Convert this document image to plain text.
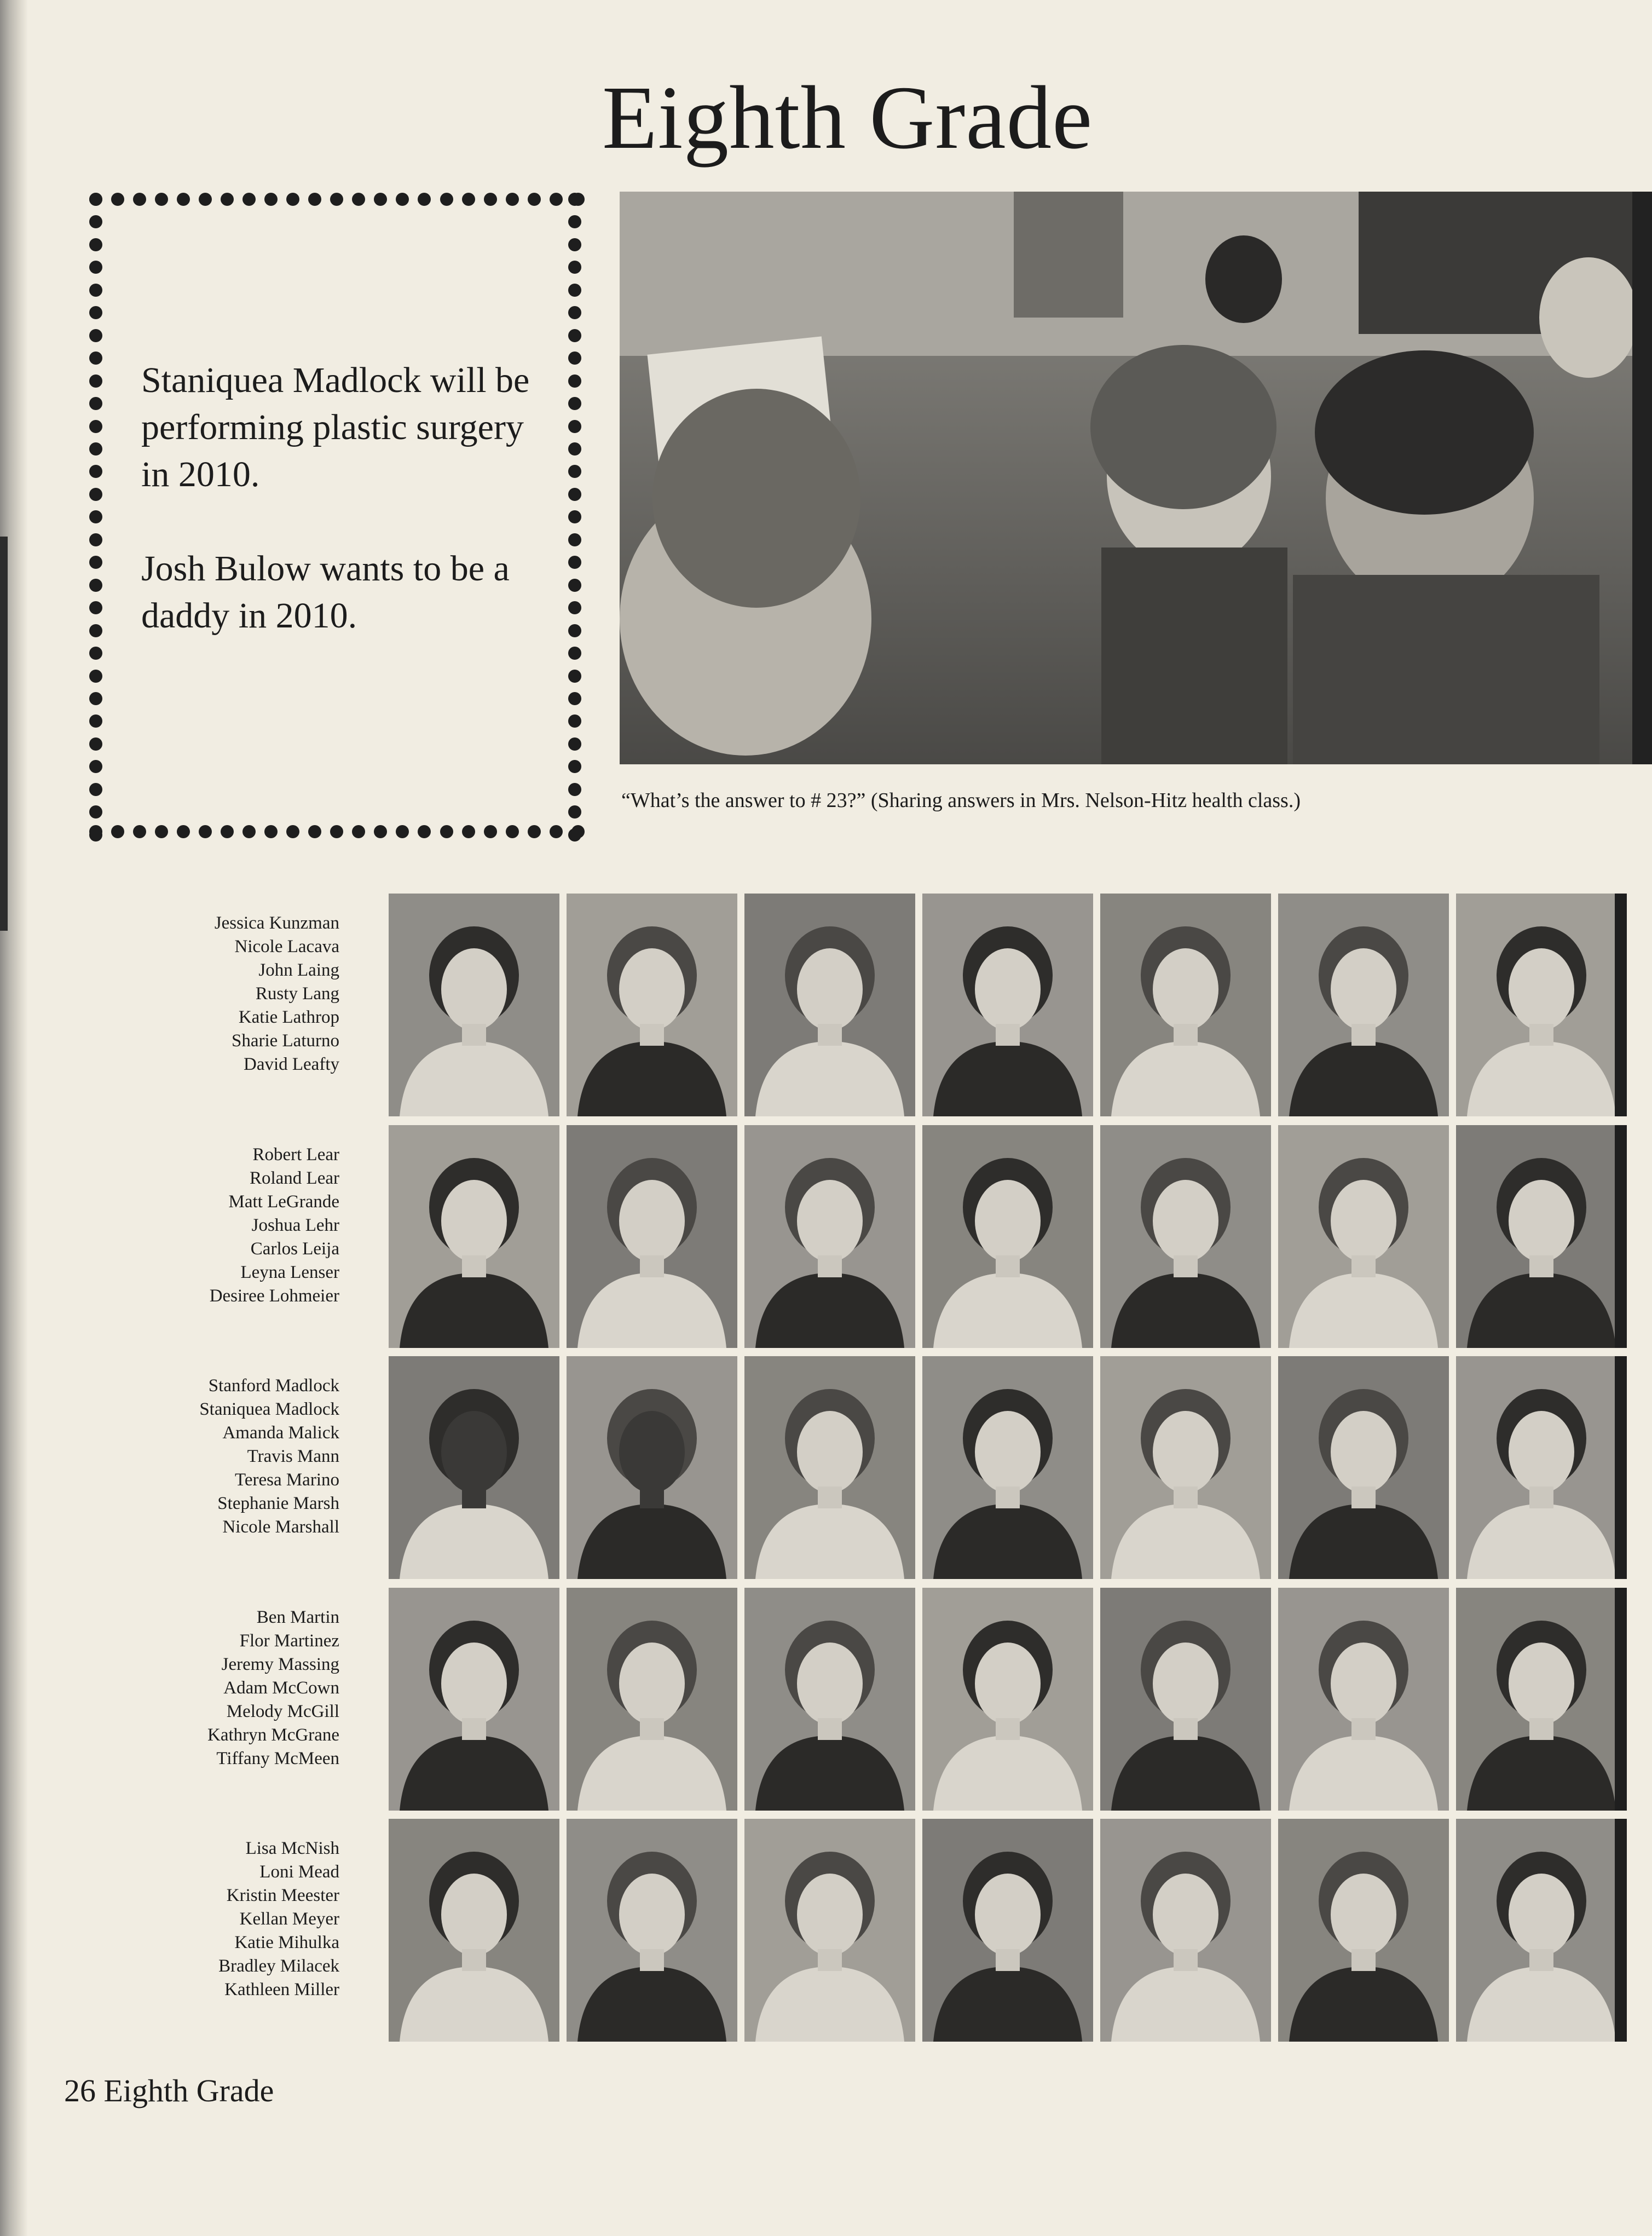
Eighth Grade

Staniquea Madlock will be performing plastic surgery in 2010.

Josh Bulow wants to be a daddy in 2010.

“What’s the answer to # 23?” (Sharing answers in Mrs. Nelson-Hitz health class.)

Jessica Kunzman
Nicole Lacava
John Laing
Rusty Lang
Katie Lathrop
Sharie Laturno
David Leafty
Robert Lear
Roland Lear
Matt LeGrande
Joshua Lehr
Carlos Leija
Leyna Lenser
Desiree Lohmeier
Stanford Madlock
Staniquea Madlock
Amanda Malick
Travis Mann
Teresa Marino
Stephanie Marsh
Nicole Marshall
Ben Martin
Flor Martinez
Jeremy Massing
Adam McCown
Melody McGill
Kathryn McGrane
Tiffany McMeen
Lisa McNish
Loni Mead
Kristin Meester
Kellan Meyer
Katie Mihulka
Bradley Milacek
Kathleen Miller

26 Eighth Grade
